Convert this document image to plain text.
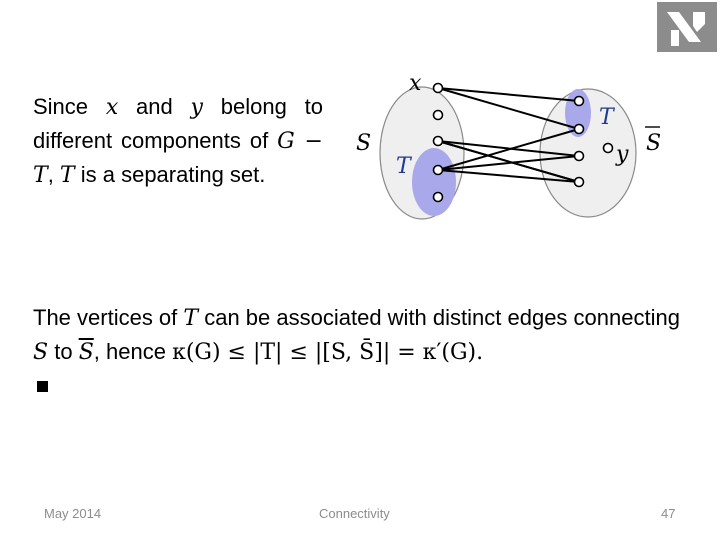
Since x and y belong to different components of G − T, T is a separating set.
S
x
T
T
y S
The vertices of T can be associated with distinct edges connecting S to $\overline{S}$, hence κ(G) ≤ |T| ≤ |[S, S̄]| = κ′(G).
May 2014	Connectivity	47
